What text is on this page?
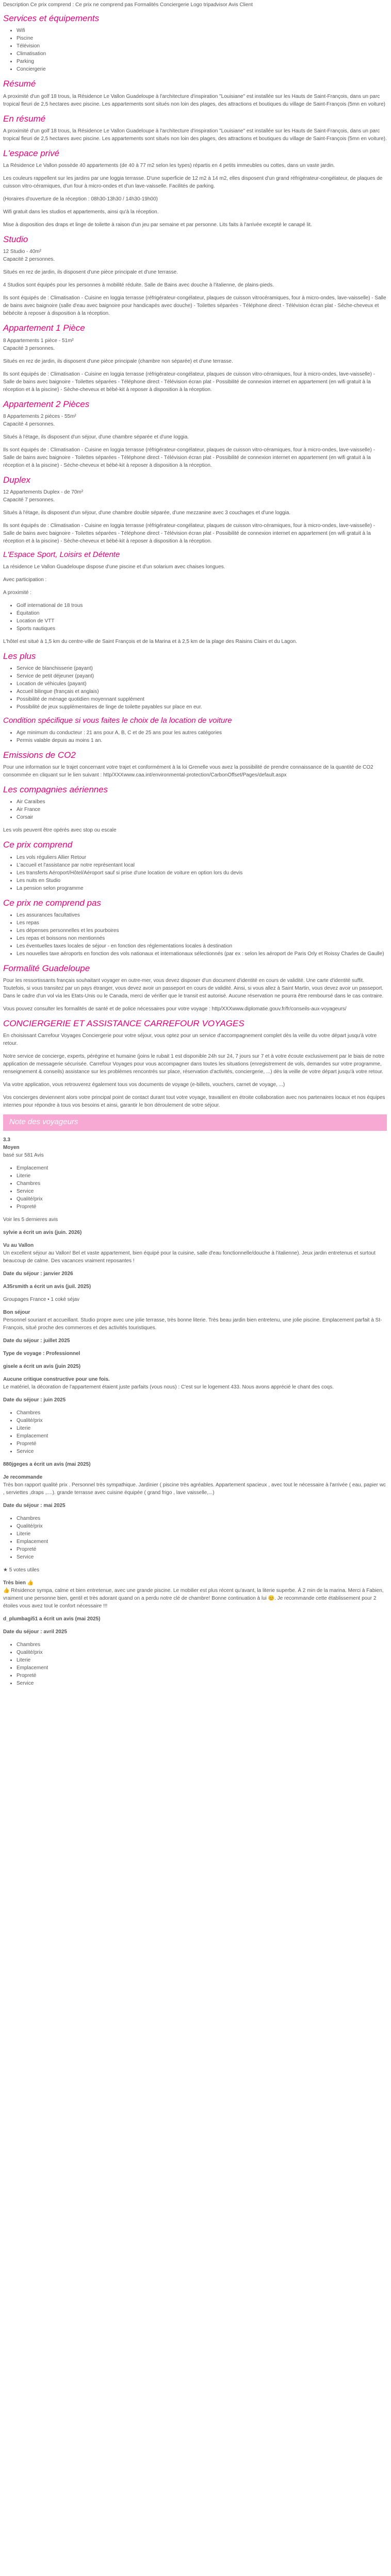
Description Ce prix comprend : Ce prix ne comprend pas Formalités Conciergerie Logo tripadvisor Avis Client

Services et équipements
• Wifi
• Piscine
• Télévision
• Climatisation
• Parking
• Conciergerie
Résumé

A proximité d'un golf 18 trous, la Résidence Le Vallon Guadeloupe à l'architecture d'inspiration "Louisiane" est installée sur les Hauts de Saint-François, dans un parc tropical fleuri de 2,5 hectares avec piscine. Les appartements sont situés non loin des plages, des attractions et boutiques du village de Saint-François (5mn en voiture)

En résumé

A proximité d'un golf 18 trous, la Résidence Le Vallon Guadeloupe à l'architecture d'inspiration "Louisiane" est installée sur les Hauts de Saint-François, dans un parc tropical fleuri de 2,5 hectares avec piscine. Les appartements sont situés non loin des plages, des attractions et boutiques du village de Saint-François (5mn en voiture).

L'espace privé

La Résidence Le Vallon possède 40 appartements (de 40 à 77 m2 selon les types) répartis en 4 petits immeubles ou cottes, dans un vaste jardin.

Les couleurs rappellent sur les jardins par une loggia terrasse. D'une superficie de 12 m2 à 14 m2, elles disposent d'un grand réfrigérateur-congélateur, de plaques de cuisson vitro-céramiques, d'un four à micro-ondes et d'un lave-vaisselle. Facilités de parking.

(Horaires d'ouverture de la réception : 08h30-13h30 / 14h30-19h00)

Wifi gratuit dans les studios et appartements, ainsi qu'à la réception.

Mise à disposition des draps et linge de toilette à raison d'un jeu par semaine et par personne. Lits faits à l'arrivée excepté le canapé lit.

Studio

12 Studio - 40m²

Capacité 2 personnes.

Situés en rez de jardin, ils disposent d'une pièce principale et d'une terrasse.

4 Studios sont équipés pour les personnes à mobilité réduite. Salle de Bains avec douche à l'italienne, de plains-pieds.

Ils sont équipés de : Climatisation - Cuisine en loggia terrasse (réfrigérateur-congélateur, plaques de cuisson vitrocéramiques, four à micro-ondes, lave-vaisselle) - Salle de bains avec baignoire (salle d'eau avec baignoire pour handicapés avec douche) - Toilettes séparées - Téléphone direct - Télévision écran plat - Séche-cheveux et bébécite à reposer à disposition à la réception.

Appartement 1 Pièce

8 Appartements 1 pièce - 51m²

Capacité 3 personnes.

Situés en rez de jardin, ils disposent d'une pièce principale (chambre non séparée) et d'une terrasse.

Ils sont équipés de : Climatisation - Cuisine en loggia terrasse (réfrigérateur-congélateur, plaques de cuisson vitro-céramiques, four à micro-ondes, lave-vaisselle) - Salle de bains avec baignoire - Toilettes séparées - Téléphone direct - Télévision écran plat - Possibilité de connexion internet en appartement (en wifi gratuit à la réception et à la piscine) - Sèche-cheveux et bébé-kit à reposer à disposition à la réception.

Appartement 2 Pièces

8 Appartements 2 pièces - 55m²

Capacité 4 personnes.

Situés à l'étage, ils disposent d'un séjour, d'une chambre séparée et d'une loggia.

Ils sont équipés de : Climatisation - Cuisine en loggia terrasse (réfrigérateur-congélateur, plaques de cuisson vitro-céramiques, four à micro-ondes, lave-vaisselle) - Salle de bains avec baignoire - Toilettes séparées - Téléphone direct - Télévision écran plat - Possibilité de connexion internet en appartement (en wifi gratuit à la réception et à la piscine) - Sèche-cheveux et bébé-kit à reposer à disposition à la réception.

Duplex

12 Appartements Duplex - de 70m²

Capacité 7 personnes.

Situés à l'étage, ils disposent d'un séjour, d'une chambre double séparée, d'une mezzanine avec 3 couchages et d'une loggia.

Ils sont équipés de : Climatisation - Cuisine en loggia terrasse (réfrigérateur-congélateur, plaques de cuisson vitro-céramiques, four à micro-ondes, lave-vaisselle) - Salle de bains avec baignoire - Toilettes séparées - Téléphone direct - Télévision écran plat - Possibilité de connexion internet en appartement (en wifi gratuit à la réception et à la piscine) - Sèche-cheveux et bébé-kit à reposer à disposition à la réception.

L'Espace Sport, Loisirs et Détente

La résidence Le Vallon Guadeloupe dispose d'une piscine et d'un solarium avec chaises longues.

Avec participation :

A proximité :

• Golf international de 18 trous
• Équitation
• Location de VTT
• Sports nautiques

L'hôtel est situé à 1,5 km du centre-ville de Saint François et de la Marina et à 2,5 km de la plage des Raisins Clairs et du Lagon.

Les plus
• Service de blanchisserie (payant)
• Service de petit déjeuner (payant)
• Location de véhicules (payant)
• Accueil bilingue (français et anglais)
• Possibilité de ménage quotidien moyennant supplément
• Possibilité de jeux supplémentaires de linge de toilette payables sur place en eur.
Condition spécifique si vous faites le choix de la location de voiture
• Age minimum du conducteur : 21 ans pour A, B, C et de 25 ans pour les autres catégories
• Permis valable depuis au moins 1 an.
Emissions de CO2

Pour une information sur le trajet concernant votre trajet et conformément à la loi Grenelle vous avez la possibilité de prendre connaissance de la quantité de CO2 consommée en cliquant sur le lien suivant : http/XXXwww.caa.int/environmental-protection/CarbonOffset/Pages/default.aspx

Les compagnies aériennes
• Air Caraïbes
• Air France
• Corsair

Les vols peuvent être opérés avec stop ou escale

Ce prix comprend
• Les vols réguliers Allier Retour
• L'accueil et l'assistance par notre représentant local
• Les transferts Aéroport/Hôtel/Aéroport sauf si prise d'une location de voiture en option lors du devis
• Les nuits en Studio
• La pension selon programme
Ce prix ne comprend pas
• Les assurances facultatives
• Les repas
• Les dépenses personnelles et les pourboires
• Les repas et boissons non mentionnés
• Les éventuelles taxes locales de séjour - en fonction des réglementations locales à destination
• Les nouvelles taxe aéroports en fonction des vols nationaux et internationaux sélectionnés (par ex : selon les aéroport de Paris Orly et Roissy Charles de Gaulle)
Formalité Guadeloupe

Pour les ressortissants français souhaitant voyager en outre-mer, vous devez disposer d'un document d'identité en cours de validité. Une carte d'identité suffit. Toutefois, si vous transitez par un pays étranger, vous devez avoir un passeport en cours de validité. Ainsi, si vous allez à Saint Martin, vous devez avoir un passeport. Dans le cadre d'un vol via les Etats-Unis ou le Canada, merci de vérifier que le transit est autorisé. Aucune réservation ne pourra être remboursé dans le cas contraire.

Vous pouvez consulter les formalités de santé et de police nécessaires pour votre voyage : http/XXXwww.diplomatie.gouv.fr/fr/conseils-aux-voyageurs/

CONCIERGERIE ET ASSISTANCE CARREFOUR VOYAGES

En choisissant Carrefour Voyages Conciergerie pour votre séjour, vous optez pour un service d'accompagnement complet dès la veille du votre départ jusqu'à votre retour.

Notre service de concierge, experts, pérégrine et humaine (joins le rubait 1 est disponible 24h sur 24, 7 jours sur 7 et à votre écoute exclusivement par le biais de notre application de messagerie sécurisée. Carrefour Voyages pour vous accompagner dans toutes les situations (enregistrement de vols, demandes sur votre programme, renseignement & conseils) assistance sur les problèmes rencontrés sur place, réservation d'activités, conciergerie, ...) dès la veille de votre départ jusqu'à votre retour.

Via votre application, vous retrouverez également tous vos documents de voyage (e-billets, vouchers, carnet de voyage, ...)

Vos concierges deviennent alors votre principal point de contact durant tout votre voyage, travaillent en étroite collaboration avec nos partenaires locaux et nos équipes internes pour répondre à tous vos besoins et ainsi, garantir le bon déroulement de votre séjour.

Note des voyageurs

3.3

Moyen

basé sur 581 Avis

• Emplacement
• Literie
• Chambres
• Service
• Qualité/prix
• Propreté

Voir les 5 dernieres avis

sylvie a écrit un avis (juin. 2026)

Vu au Vallon

Un excellent séjour au Vallon! Bel et vaste appartement, bien équipé pour la cuisine, salle d'eau fonctionnelle/douche à l'italienne). Jeux jardin entretenus et surtout beaucoup de calme. Des vacances vraiment reposantes !

Date du séjour : janvier 2026

A35rsmith a écrit un avis (juil. 2025)

Groupages France • 1 coké séjav

Bon séjour

Personnel souriant et accueillant. Studio propre avec une jolie terrasse, très bonne literie. Très beau jardin bien entretenu, une jolie piscine. Emplacement parfait à St-François, situé proche des commerces et des activités touristiques.

Date du séjour : juillet 2025

Type de voyage : Professionnel

gisele a écrit un avis (juin 2025)

Aucune critique constructive pour une fois.

Le matériel, la décoration de l'appartement étaient juste parfaits (vous nous) : C'est sur le logement 433. Nous avons apprécié le chant des coqs.

Date du séjour : juin 2025

• Chambres
• Qualité/prix
• Literie
• Emplacement
• Propreté
• Service

880jgeges a écrit un avis (mai 2025)

Je recommande

Très bon rapport qualité prix . Personnel très sympathique. Jardinier ( piscine très agréables. Appartement spacieux , avec tout le nécessaire à l'arrivée ( eau, papier wc , serviettes ,draps ,....). grande terrasse avec cuisine équipée ( grand frigo , lave vaisselle,...)

Date du séjour : mai 2025

• Chambres
• Qualité/prix
• Literie
• Emplacement
• Propreté
• Service

★ 5 votes utiles

Très bien 👍

👍 Résidence sympa, calme et bien entretenue, avec une grande piscine. Le mobilier est plus récent qu'avant, la literie superbe. À 2 min de la marina. Merci à Fabien, vraiment une personne bien, gentil et très adorant quand on a perdu notre clé de chambre! Bonne continuation à lui 😊. Je recommande cette établissement pour 2 étoiles vous avez tout le confort nécessaire !!!

d_plumbagi51 a écrit un avis (mai 2025)

Date du séjour : avril 2025

• Chambres
• Qualité/prix
• Literie
• Emplacement
• Propreté
• Service
